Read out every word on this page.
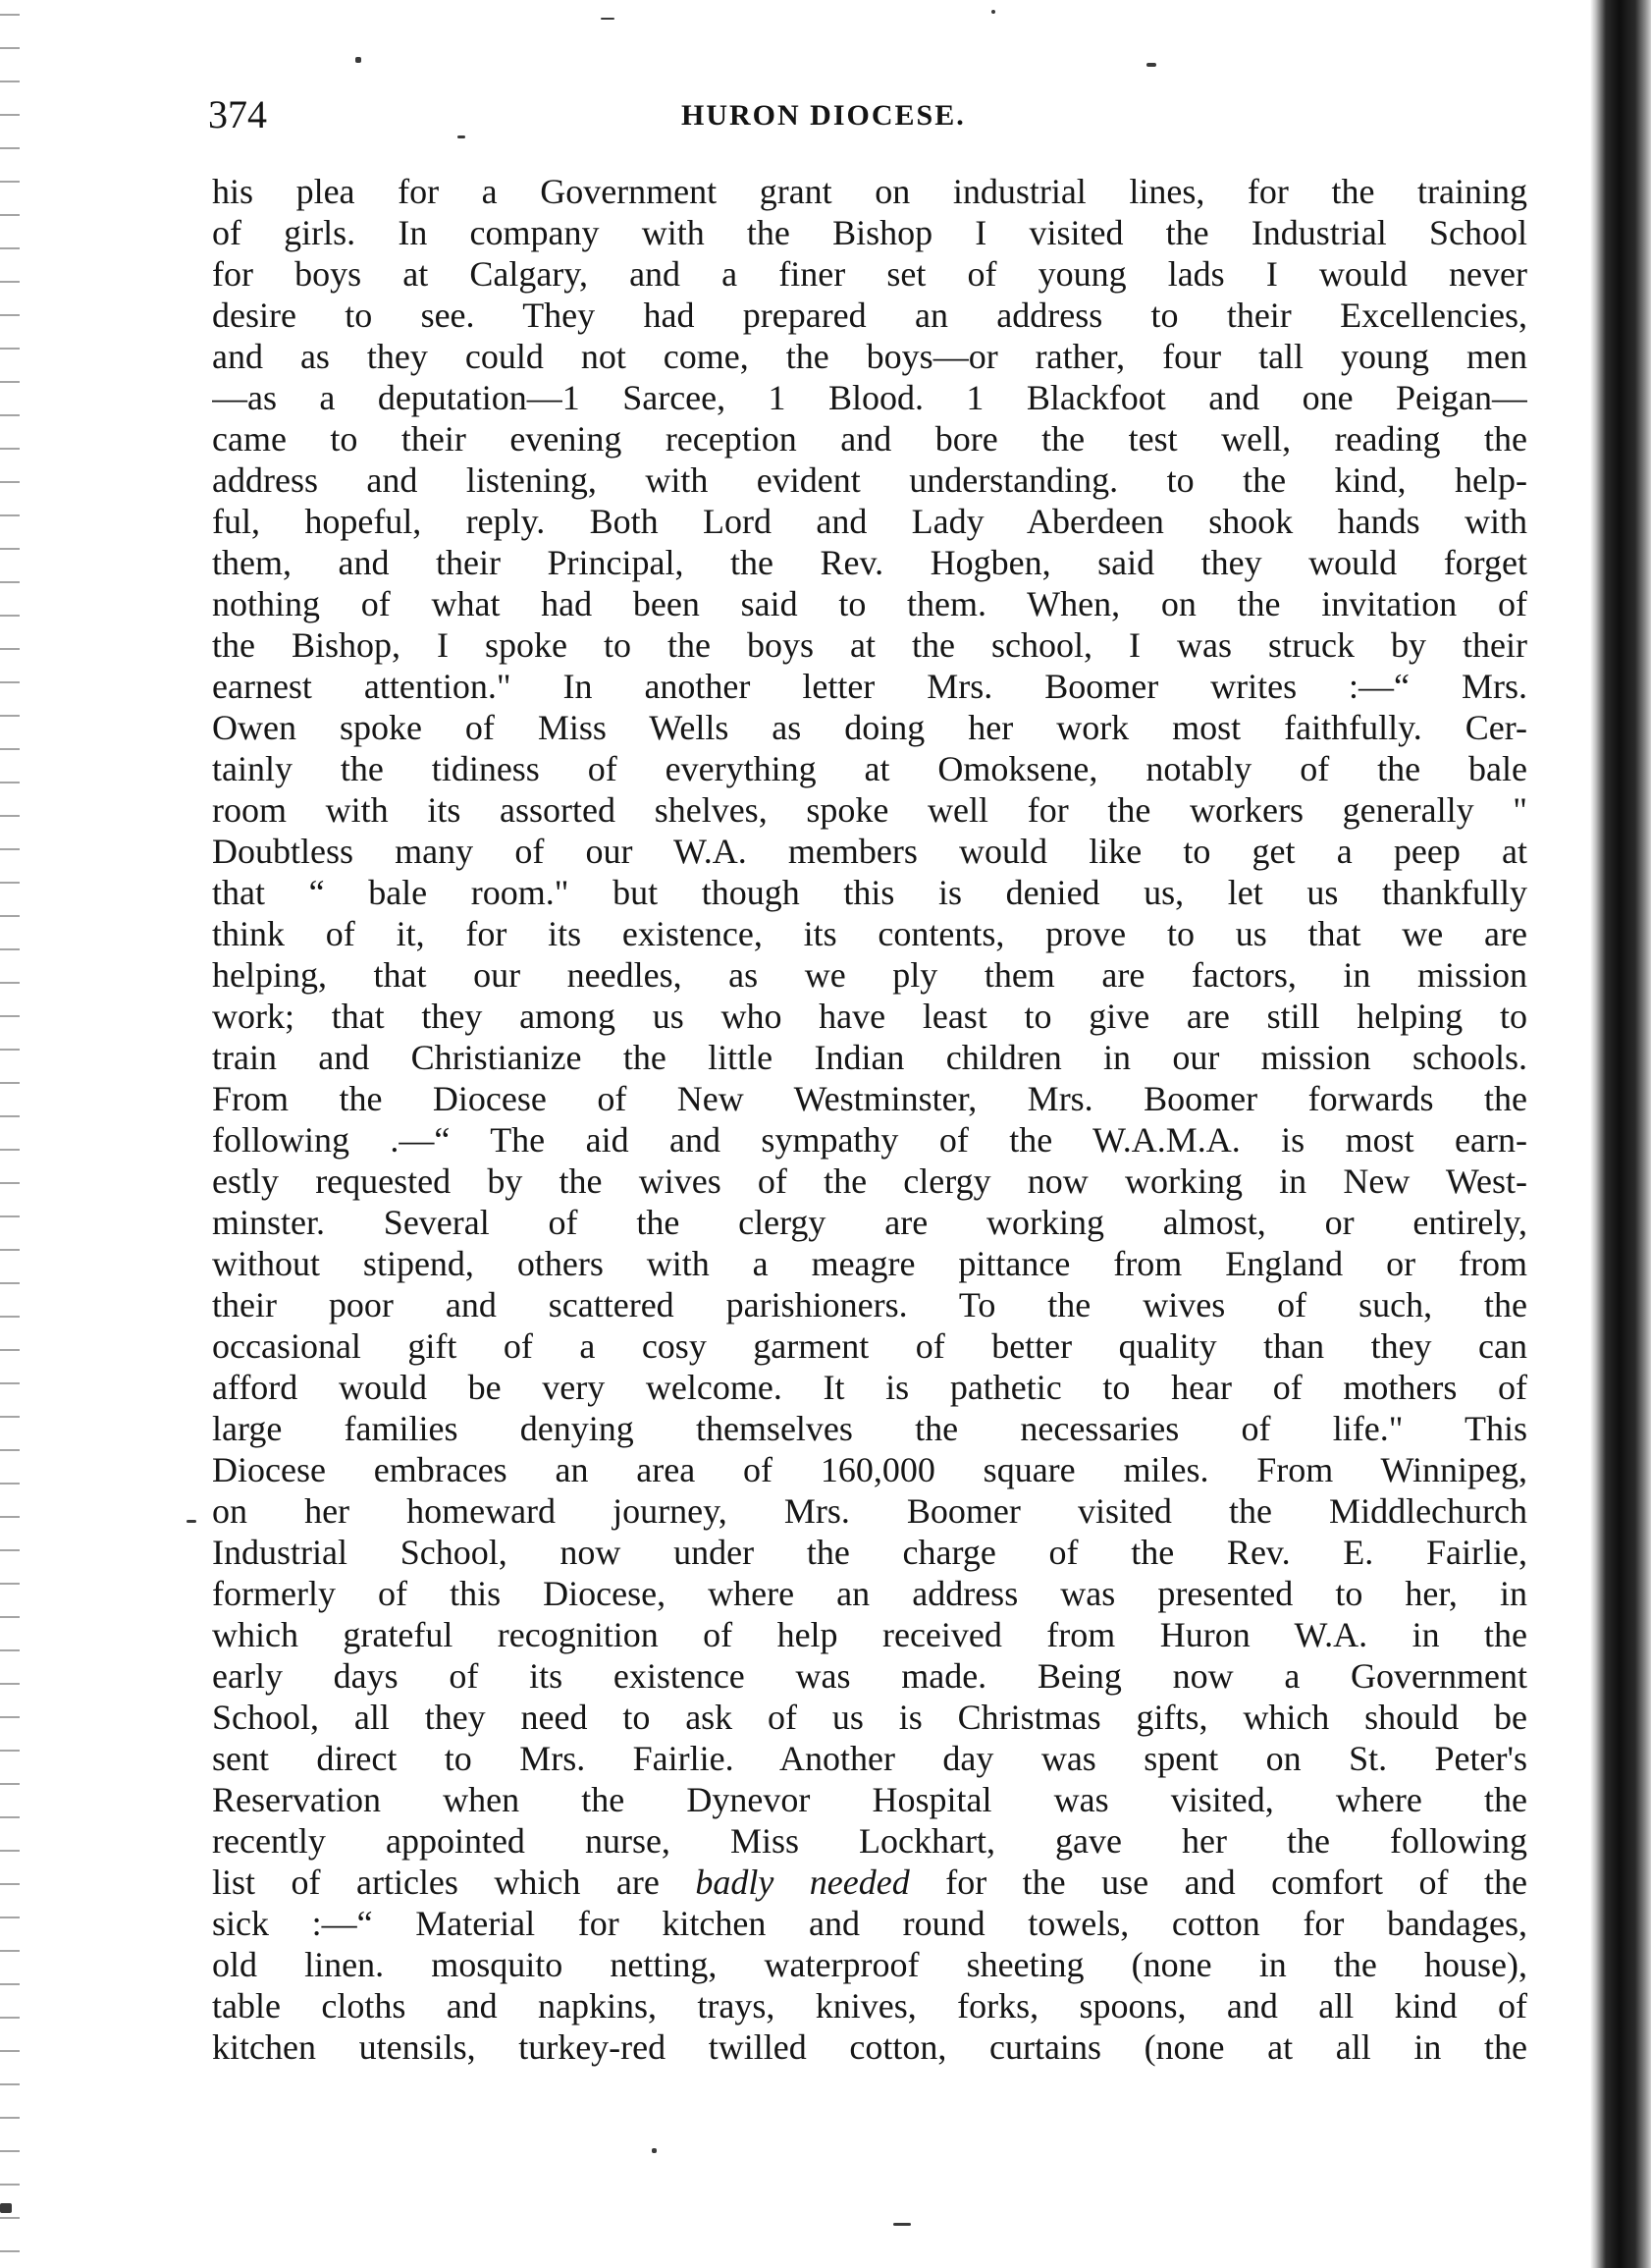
374	HURON DIOCESE.
his plea for a Government grant on industrial lines, for the training
of girls. In company with the Bishop I visited the Industrial School
for boys at Calgary, and a finer set of young lads I would never
desire to see. They had prepared an address to their Excellencies,
and as they could not come, the boys—or rather, four tall young men
—as a deputation—1 Sarcee, 1 Blood. 1 Blackfoot and one Peigan—
came to their evening reception and bore the test well, reading the
address and listening, with evident understanding. to the kind, help-
ful, hopeful, reply. Both Lord and Lady Aberdeen shook hands with
them, and their Principal, the Rev. Hogben, said they would forget
nothing of what had been said to them. When, on the invitation of
the Bishop, I spoke to the boys at the school, I was struck by their
earnest attention." In another letter Mrs. Boomer writes :—“ Mrs.
Owen spoke of Miss Wells as doing her work most faithfully. Cer-
tainly the tidiness of everything at Omoksene, notably of the bale
room with its assorted shelves, spoke well for the workers generally "
Doubtless many of our W.A. members would like to get a peep at
that “ bale room." but though this is denied us, let us thankfully
think of it, for its existence, its contents, prove to us that we are
helping, that our needles, as we ply them are factors, in mission
work; that they among us who have least to give are still helping to
train and Christianize the little Indian children in our mission schools.
From the Diocese of New Westminster, Mrs. Boomer forwards the
following .—“ The aid and sympathy of the W.A.M.A. is most earn-
estly requested by the wives of the clergy now working in New West-
minster. Several of the clergy are working almost, or entirely,
without stipend, others with a meagre pittance from England or from
their poor and scattered parishioners. To the wives of such, the
occasional gift of a cosy garment of better quality than they can
afford would be very welcome. It is pathetic to hear of mothers of
large families denying themselves the necessaries of life." This
Diocese embraces an area of 160,000 square miles. From Winnipeg,
on her homeward journey, Mrs. Boomer visited the Middlechurch
Industrial School, now under the charge of the Rev. E. Fairlie,
formerly of this Diocese, where an address was presented to her, in
which grateful recognition of help received from Huron W.A. in the
early days of its existence was made. Being now a Government
School, all they need to ask of us is Christmas gifts, which should be
sent direct to Mrs. Fairlie. Another day was spent on St. Peter's
Reservation when the Dynevor Hospital was visited, where the
recently appointed nurse, Miss Lockhart, gave her the following
list of articles which are badly needed for the use and comfort of the
sick :—“ Material for kitchen and round towels, cotton for bandages,
old linen. mosquito netting, waterproof sheeting (none in the house),
table cloths and napkins, trays, knives, forks, spoons, and all kind of
kitchen utensils, turkey-red twilled cotton, curtains (none at all in the
